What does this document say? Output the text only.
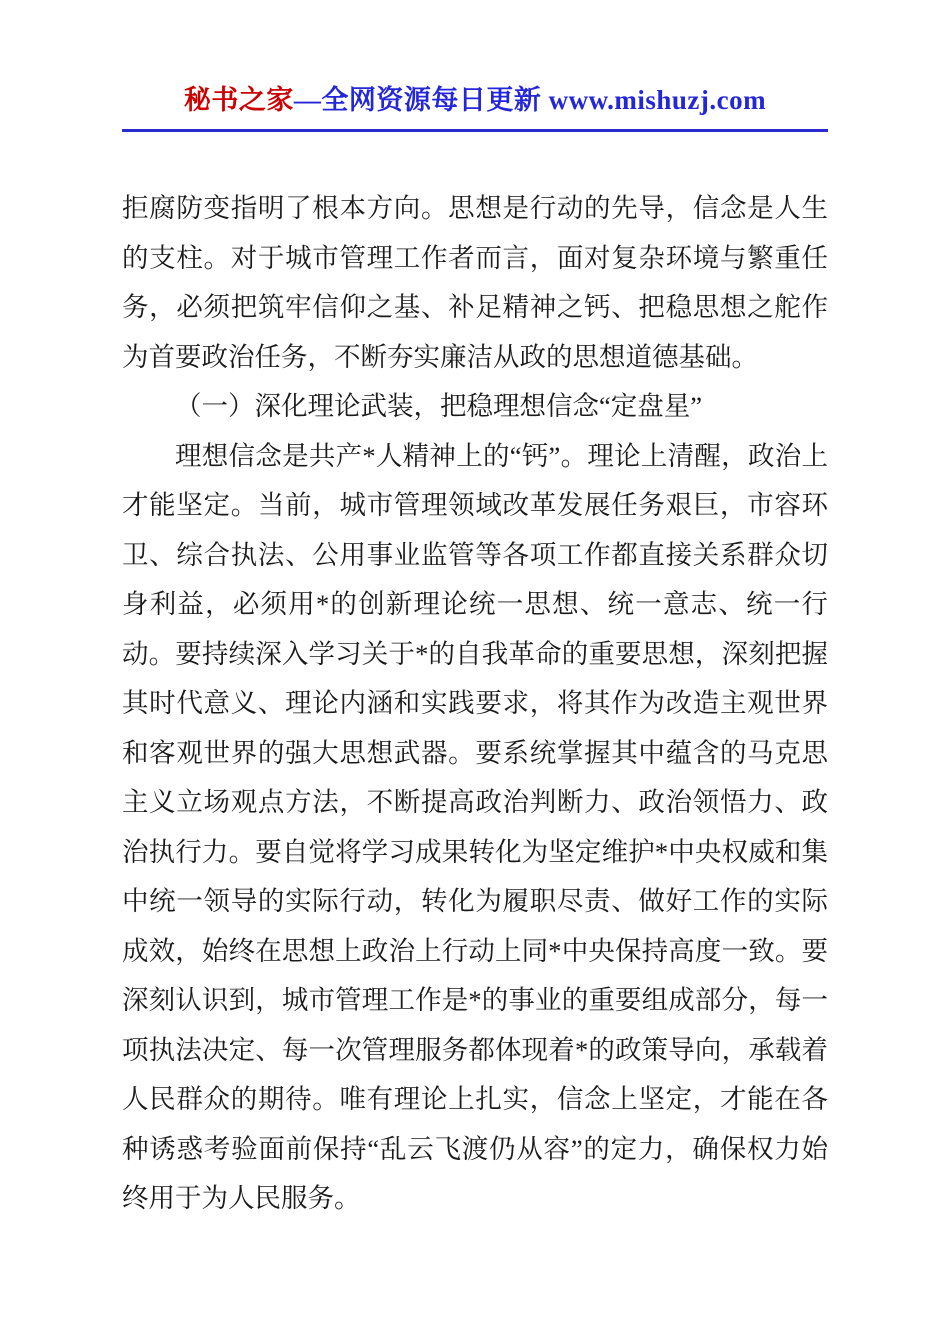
秘书之家—全网资源每日更新 www.mishuzj.com

拒腐防变指明了根本方向。思想是行动的先导，信念是人生的支柱。对于城市管理工作者而言，面对复杂环境与繁重任务，必须把筑牢信仰之基、补足精神之钙、把稳思想之舵作为首要政治任务，不断夯实廉洁从政的思想道德基础。

（一）深化理论武装，把稳理想信念“定盘星”

理想信念是共产*人精神上的“钙”。理论上清醒，政治上才能坚定。当前，城市管理领域改革发展任务艰巨，市容环卫、综合执法、公用事业监管等各项工作都直接关系群众切身利益，必须用*的创新理论统一思想、统一意志、统一行动。要持续深入学习关于*的自我革命的重要思想，深刻把握其时代意义、理论内涵和实践要求，将其作为改造主观世界和客观世界的强大思想武器。要系统掌握其中蕴含的马克思主义立场观点方法，不断提高政治判断力、政治领悟力、政治执行力。要自觉将学习成果转化为坚定维护*中央权威和集中统一领导的实际行动，转化为履职尽责、做好工作的实际成效，始终在思想上政治上行动上同*中央保持高度一致。要深刻认识到，城市管理工作是*的事业的重要组成部分，每一项执法决定、每一次管理服务都体现着*的政策导向，承载着人民群众的期待。唯有理论上扎实，信念上坚定，才能在各种诱惑考验面前保持“乱云飞渡仍从容”的定力，确保权力始终用于为人民服务。
